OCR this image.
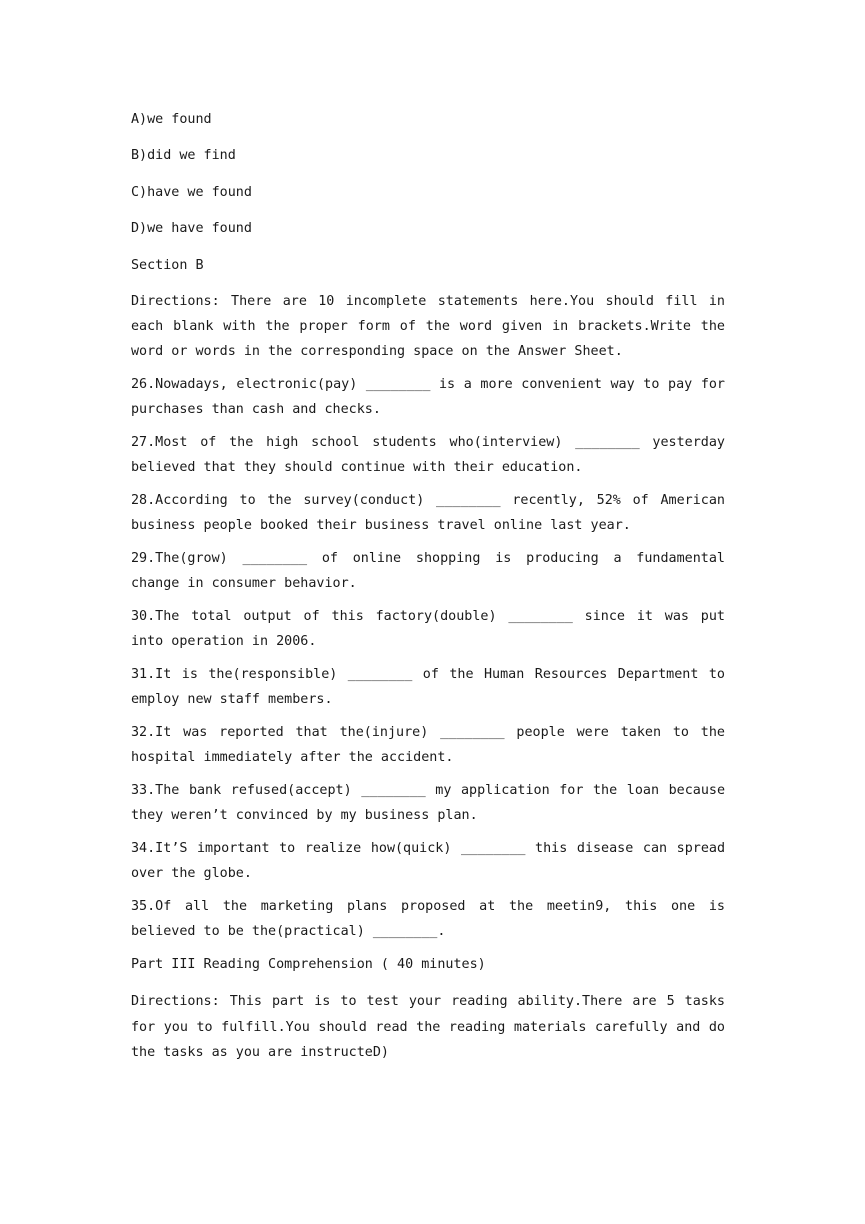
A)we found
B)did we find
C)have we found
D)we have found
Section B
Directions: There are 10 incomplete statements here.You should fill in each blank with the proper form of the word given in brackets.Write the word or words in the corresponding space on the Answer Sheet.
26.Nowadays, electronic(pay) ________ is a more convenient way to pay for purchases than cash and checks.
27.Most of the high school students who(interview) ________ yesterday believed that they should continue with their education.
28.According to the survey(conduct) ________ recently, 52% of American business people booked their business travel online last year.
29.The(grow) ________ of online shopping is producing a fundamental change in consumer behavior.
30.The total output of this factory(double) ________ since it was put into operation in 2006.
31.It is the(responsible) ________ of the Human Resources Department to employ new staff members.
32.It was reported that the(injure) ________ people were taken to the hospital immediately after the accident.
33.The bank refused(accept) ________ my application for the loan because they weren’t convinced by my business plan.
34.It’S important to realize how(quick) ________ this disease can spread over the globe.
35.Of all the marketing plans proposed at the meetin9, this one is believed to be the(practical) ________.
Part III Reading Comprehension ( 40 minutes)
Directions: This part is to test your reading ability.There are 5 tasks for you to fulfill.You should read the reading materials carefully and do the tasks as you are instructeD)
